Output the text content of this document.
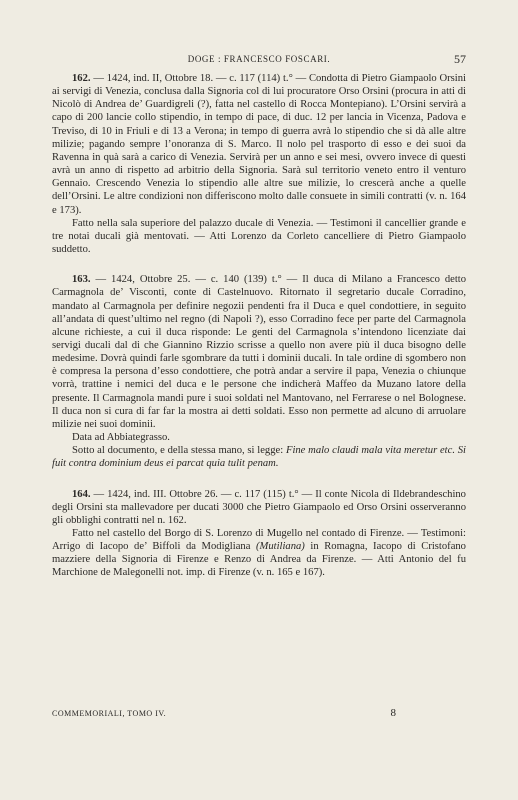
DOGE : FRANCESCO FOSCARI.	57

162. — 1424, ind. II, Ottobre 18. — c. 117 (114) t.° — Condotta di Pietro Giampaolo Orsini ai servigi di Venezia, conclusa dalla Signoria col di lui procuratore Orso Orsini (procura in atti di Nicolò di Andrea de’ Guardigreli (?), fatta nel castello di Rocca Montepiano). L’Orsini servirà a capo di 200 lancie collo stipendio, in tempo di pace, di duc. 12 per lancia in Vicenza, Padova e Treviso, di 10 in Friuli e di 13 a Verona; in tempo di guerra avrà lo stipendio che si dà alle altre milizie; pagando sempre l’onoranza di S. Marco. Il nolo pel trasporto di esso e dei suoi da Ravenna in quà sarà a carico di Venezia. Servirà per un anno e sei mesi, ovvero invece di questi avrà un anno di rispetto ad arbitrio della Signoria. Sarà sul territorio veneto entro il venturo Gennaio. Crescendo Venezia lo stipendio alle altre sue milizie, lo crescerà anche a quelle dell’Orsini. Le altre condizioni non differiscono molto dalle consuete in simili contratti (v. n. 164 e 173).

Fatto nella sala superiore del palazzo ducale di Venezia. — Testimoni il cancellier grande e tre notai ducali già mentovati. — Atti Lorenzo da Corleto cancelliere di Pietro Giampaolo suddetto.

163. — 1424, Ottobre 25. — c. 140 (139) t.° — Il duca di Milano a Francesco detto Carmagnola de’ Visconti, conte di Castelnuovo. Ritornato il segretario ducale Corradino, mandato al Carmagnola per definire negozii pendenti fra il Duca e quel condottiere, in seguito all’andata di quest’ultimo nel regno (di Napoli ?), esso Corradino fece per parte del Carmagnola alcune richieste, a cui il duca risponde: Le genti del Carmagnola s’intendono licenziate dai servigi ducali dal di che Giannino Rizzio scrisse a quello non avere più il duca bisogno delle medesime. Dovrà quindi farle sgombrare da tutti i dominii ducali. In tale ordine di sgombero non è compresa la persona d’esso condottiere, che potrà andar a servire il papa, Venezia o chiunque vorrà, trattine i nemici del duca e le persone che indicherà Maffeo da Muzano latore della presente. Il Carmagnola mandi pure i suoi soldati nel Mantovano, nel Ferrarese o nel Bolognese. Il duca non si cura di far far la mostra ai detti soldati. Esso non permette ad alcuno di arruolare milizie nei suoi dominii.

Data ad Abbiategrasso.

Sotto al documento, e della stessa mano, si legge: Fine malo claudi mala vita meretur etc. Si fuit contra dominium deus ei parcat quia tulit penam.

164. — 1424, ind. III. Ottobre 26. — c. 117 (115) t.° — Il conte Nicola di Ildebrandeschino degli Orsini sta mallevadore per ducati 3000 che Pietro Giampaolo ed Orso Orsini osserveranno gli obblighi contratti nel n. 162.

Fatto nel castello del Borgo di S. Lorenzo di Mugello nel contado di Firenze. — Testimoni: Arrigo di Iacopo de’ Biffoli da Modigliana (Mutiliana) in Romagna, Iacopo di Cristofano mazziere della Signoria di Firenze e Renzo di Andrea da Firenze. — Atti Antonio del fu Marchione de Malegonelli not. imp. di Firenze (v. n. 165 e 167).

COMMEMORIALI, TOMO IV.	8
